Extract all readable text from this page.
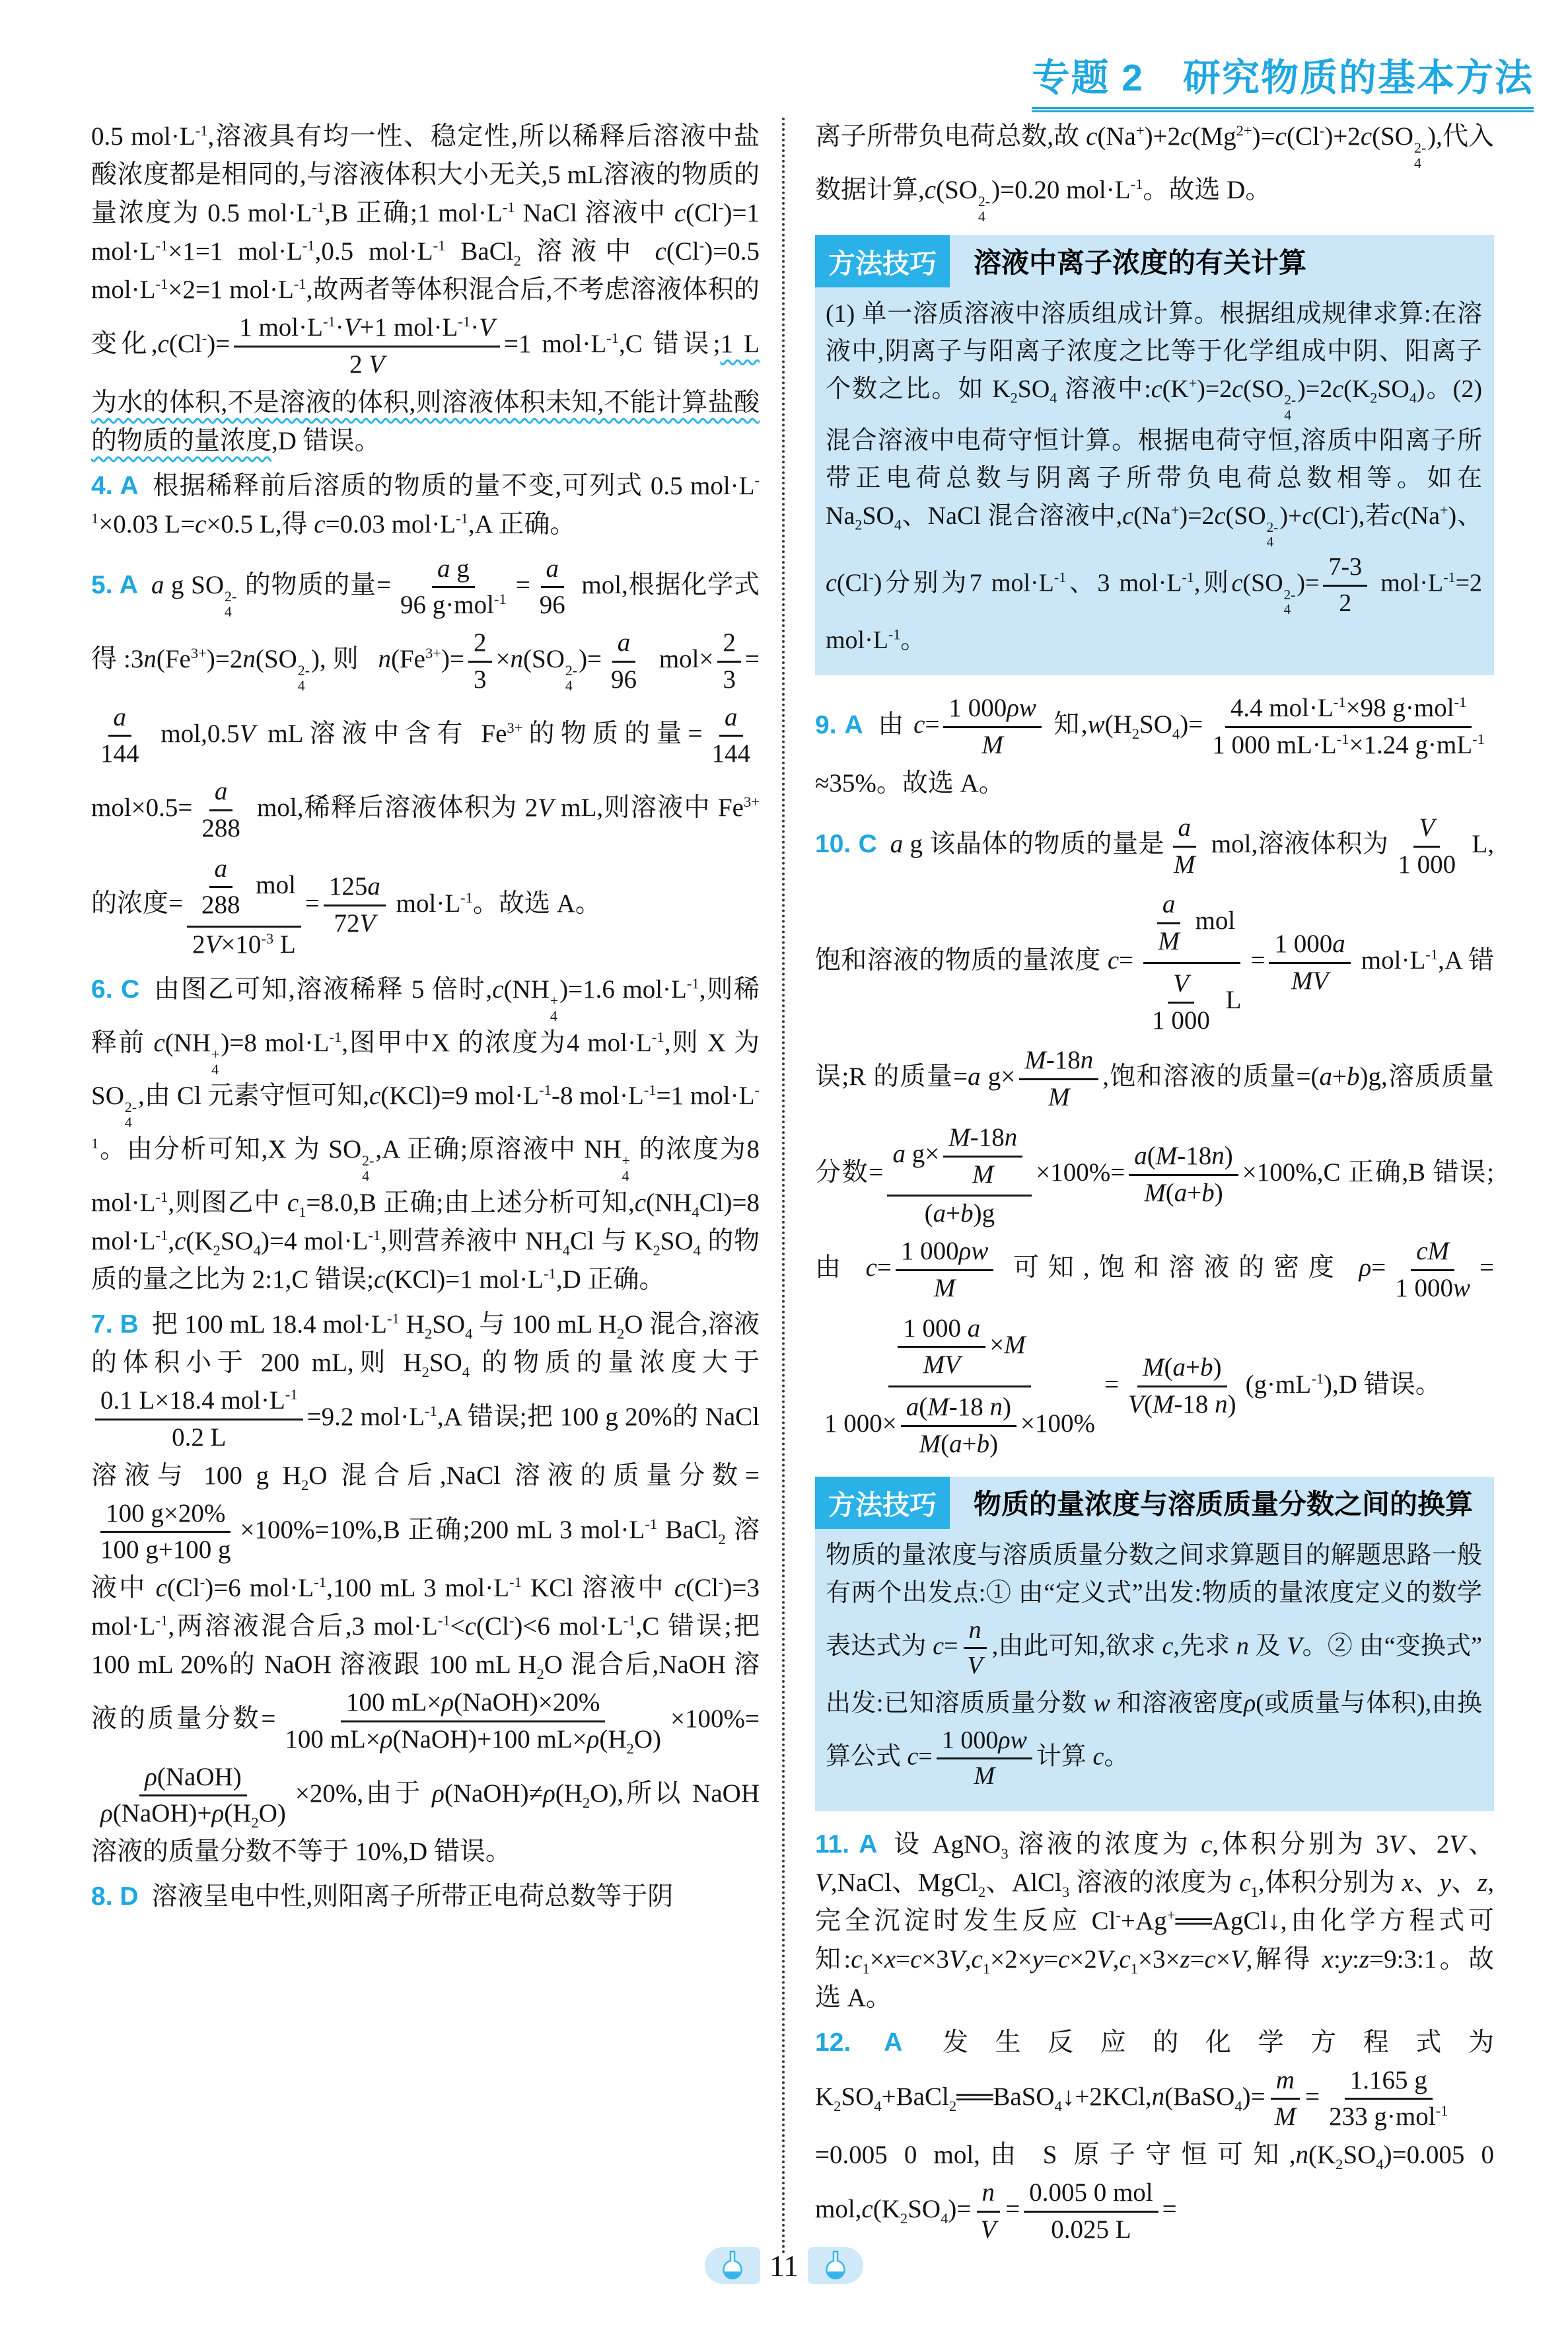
专题 2　研究物质的基本方法
0.5 $mol\cdot L^{-1}$,溶液具有均一性、稳定性,所以稀释后溶液中盐酸浓度都是相同的,与溶液体积大小无关,5 mL溶液的物质的量浓度为 0.5 $mol\cdot L^{-1},B$ 正确;1 $mol\cdot L^{-1}$ NaCl 溶液中 c(Cl-)=1 $mol\cdot L^{-1}\times 1=1$ $mol\cdot L^{-1},0.5$ $mol\cdot L^{-1}$ BaCl$_2$ 溶液中 c(Cl-)=0.5 $mol\cdot L^{-1}\times 2=1$ $mol\cdot L^{-1}$,故两者等体积混合后,不考虑溶液体积的变化$,c(Cl^-)= \frac{1 mol\cdot L^{-1}\cdot V+1 mol\cdot L^{-1}\cdot V}{2 V} =1$ $mol\cdot L^{-1},C$ 错误;1 L 为水的体积,不是溶液的体积,则溶液体积未知,不能计算盐酸的物质的量浓度,D 错误。
4. A 根据稀释前后溶质的物质的量不变,可列式 0.5 $mol\cdot L^{-1}\times 0.03$ L=c×0.5 L,得 c=0.03 $mol\cdot L^{-1},A$ 正确。
5. A a g SO 2-
4
的物质的量= $\frac{\text{a g}}{96 g\cdot mol^{-1}} = \frac{a}{96}$ mol,根据化学式得$:3n(Fe^{3+})=2n(SO$ 2-
4
),则 $n(Fe^{3+})= \frac{2}{3} \times n(SO$ 2-
4
)= $\frac{a}{96} mol\times \frac{2}{3}$ =
$\frac{a}{144} mol,0.5V$ mL溶液中含有 $Fe^{3+}$的物质的量= $\frac{a}{144}$
$mol\times 0.5= \frac{a}{288}$ mol,稀释后溶液体积为 2V mL,则溶液中 $Fe^{3+}$ 的浓度= $\frac{\frac{a}{288} mol}{2V\times 10^{-3} L} = \frac{125a}{72V} mol\cdot L^{-1}$。故选 A。
6. C 由图乙可知,溶液稀释 5 倍时,c(NH +
4
)=1.6 $mol\cdot L^{-1}$,则稀释前 c(NH +
4
)=8 $mol\cdot L^{-1}$,图甲中X 的浓度为4 $mol\cdot L^{-1}$,则 X 为 SO 2-
4
,由 Cl 元素守恒可知,c(KCl)=9 $mol\cdot L^{-1}-8$ $mol\cdot L^{-1}=1$ $mol\cdot L^{-1}$。由分析可知,X 为 SO 2-
4
,A 正确;原溶液中 NH +
4
的浓度为8 $mol\cdot L^{-1}$,则图乙中 $c_1=8.0,B$ 正确;由上述分析可知$,c(NH_4Cl)=8$ $mol\cdot L^{-1},c(K_2SO_4)=4$ $mol\cdot L^{-1}$,则营养液中 $NH_4Cl$ 与 $K_2SO_4$ 的物质的量之比为 2:1,C 错误;c(KCl)=1 $mol\cdot L^{-1},D$ 正确。
7. B 把 100 mL 18.4 $mol\cdot L^{-1}$ $H_2SO_4$ 与 100 mL $H_2O$ 混合,溶液的体积小于 200 mL,则 $H_2SO_4$ 的物质的量浓度大于
$\frac{0.1 L\times 18.4 mol\cdot L^{-1}}{0.2 L} =9.2$ $mol\cdot L^{-1},A$ 错误;把 100 g 20%的 NaCl 溶液与 100 g $H_2O$ 混合后,NaCl 溶液的质量分数=
$\frac{100 g\times 20\%}{100 g+100 g} \times 100\%=10\%,B$ 正确;200 mL 3 $mol\cdot L^{-1}$ BaCl$_2$ 溶液中 c(Cl-)=6 $mol\cdot L^{-1},100$ mL 3 $mol\cdot L^{-1}$ KCl 溶液中 c(Cl-)=3 $mol\cdot L^{-1}$,两溶液混合后,3 $mol\cdot L^{-1}<c(Cl^-)<6$ $mol\cdot L^{-1},C$ 错误;把 100 mL 20%的 NaOH 溶液跟 100 mL $H_2O$ 混合后,NaOH 溶液的质量分数= $\frac{\text{100 mL×ρ(NaOH)×20\%}}{100 mL\times\rho(NaOH)+100 mL\times\rho(H_2O)} \times 100\%=$
$\frac{\text{ρ(NaOH)}}{\rho(NaOH)+\rho(H_2O)} \times 20\%$,由于 $\rho(NaOH)\ne\rho(H_2O)$,所以 NaOH 溶液的质量分数不等于 10%,D 错误。
8. D 溶液呈电中性,则阳离子所带正电荷总数等于阴
离子所带负电荷总数,故 $c(Na^+)+2c(Mg^{2+})=c(Cl^-)+2c(SO$ 2-
4
),代入数据计算,c(SO 2-
4
)=0.20 $mol\cdot L^{-1}$。故选 D。
方法技巧	溶液中离子浓度的有关计算
(1) 单一溶质溶液中溶质组成计算。根据组成规律求算:在溶液中,阴离子与阳离子浓度之比等于化学组成中阴、阳离子个数之比。如 $K_2SO_4$ 溶液中:c(K+)=2c(SO 2-
4
)$=2c(K_2SO_4)$。(2) 混合溶液中电荷守恒计算。根据电荷守恒,溶质中阳离子所带正电荷总数与阴离子所带负电荷总数相等。如在 $Na_2SO_4$、NaCl 混合溶液中,c(Na+)=2c(SO 2-
4
)+c(Cl-),若c(Na+)、c(Cl-)分别为7 $mol\cdot L^{-1}$、3 $mol\cdot L^{-1}$,则c(SO 2-
4
)= $\frac{7-3}{2} mol\cdot L^{-1}=2$ $mol\cdot L^{-1}$。
9. A 由 $c= \frac{1 000\rho w}{M}$ 知$,w(H_2SO_4)= \frac{4.4 mol\cdot L^{-1}\times 98 g\cdot mol^{-1}}{1 000 mL\cdot L^{-1}\times 1.24 g\cdot mL^{-1}}$
≈35%。故选 A。
10. C a g 该晶体的物质的量是 $\frac{a}{M}$ mol,溶液体积为 $\frac{V}{1 000} L$,饱和溶液的物质的量浓度 $c= \frac{\frac{a}{M} mol}{\frac{V}{1 000} L} = \frac{1 000a}{MV} mol\cdot L^{-1},A$ 错误;R 的质量=a $g\times \frac{M-18n}{M}$ ,饱和溶液的质量=(a+b)g,溶质质量分数= $\frac{a g\times \frac{M-18n}{M}}{(a+b)g} \times 100\%= \frac{a(M-18n)}{M(a+b)} \times 100\%,C$ 正确,B 错误;由 $c= \frac{1 000\rho w}{M}$ 可知,饱和溶液的密度 $\rho= \frac{cM}{1 000w}$ =
$\frac{\frac{1 000 a}{MV} \times M}{1 000\times \frac{a(M-18 n)}{M(a+b)} \times 100\%} = \frac{M(a+b)}{V(M-18 n)} (g\cdot mL^{-1}),D$ 错误。
方法技巧	物质的量浓度与溶质质量分数之间的换算
物质的量浓度与溶质质量分数之间求算题目的解题思路一般有两个出发点:① 由“定义式”出发:物质的量浓度定义的数学表达式为 $c= \frac{n}{V}$ ,由此可知,欲求 c,先求 n 及 V。② 由“变换式”出发:已知溶质质量分数 w 和溶液密度ρ(或质量与体积),由换算公式 $c= \frac{1 000\rho w}{M}$ 计算 c。
11. A 设 AgNO$_3$ 溶液的浓度为 c,体积分别为 3V、2V、V,NaCl、MgCl$_2$、AlCl$_3$ 溶液的浓度为 $c_1$,体积分别为 x、y、z,完全沉淀时发生反应 Cl-+Ag+══AgCl↓,由化学方程式可知$:c_1\times x=c\times 3V,c_1\times 2\times y=c\times 2V,c_1\times 3\times z=c\times V$,解得 x:y:z=9:3:1。故选 A。
12. A 发生反应的化学方程式为 $K_2SO_4+BaCl_2══BaSO_4↓+2KCl,n(BaSO_4)= \frac{m}{M} = \frac{1.165 g}{233 g\cdot mol^{-1}}$
=0.005 0 mol,由 S 原子守恒可知$,n(K_2SO_4)=0.005$ 0 $mol,c(K_2SO_4)= \frac{n}{V} = \frac{\text{0.005 0 mol}}{0.025 L}$ =
11
